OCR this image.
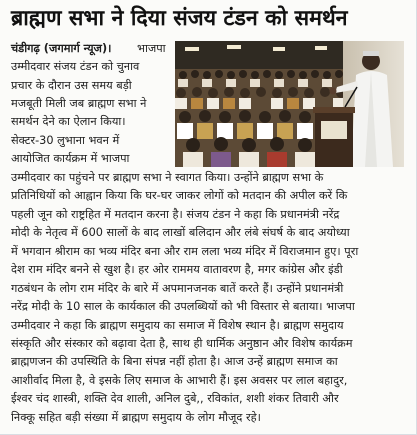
ब्राह्मण सभा ने दिया संजय टंडन को समर्थन
चंडीगढ़ (जगमार्ग न्यूज)। भाजपा
उम्मीदवार संजय टंडन को चुनाव
प्रचार के दौरान उस समय बड़ी
मजबूती मिली जब ब्राह्मण सभा ने
समर्थन देने का ऐलान किया।
सेक्टर-30 लुभाना भवन में
आयोजित कार्यक्रम में भाजपा
उम्मीदवार का पहुंचने पर ब्राह्मण सभा ने स्वागत किया। उन्होंने ब्राह्मण सभा के
प्रतिनिधियों को आह्वान किया कि घर-घर जाकर लोगों को मतदान की अपील करें कि
पहली जून को राष्ट्रहित में मतदान करना है। संजय टंडन ने कहा कि प्रधानमंत्री नरेंद्र
मोदी के नेतृत्व में 600 सालों के बाद लाखों बलिदान और लंबे संघर्ष के बाद अयोध्या
में भगवान श्रीराम का भव्य मंदिर बना और राम लला भव्य मंदिर में विराजमान हुए। पूरा
देश राम मंदिर बनने से खुश है। हर ओर राममय वातावरण है, मगर कांग्रेस और इंडी
गठबंधन के लोग राम मंदिर के बारे में अपमानजनक बातें करते हैं। उन्होंने प्रधानमंत्री
नरेंद्र मोदी के 10 साल के कार्यकाल की उपलब्धियों को भी विस्तार से बताया। भाजपा
उम्मीदवार ने कहा कि ब्राह्मण समुदाय का समाज में विशेष स्थान है। ब्राह्मण समुदाय
संस्कृति और संस्कार को बढ़ावा देता है, साथ ही धार्मिक अनुष्ठान और विशेष कार्यक्रम
ब्राह्मणजन की उपस्थिति के बिना संपन्न नहीं होता है। आज उन्हें ब्राह्मण समाज का
आशीर्वाद मिला है, वे इसके लिए समाज के आभारी हैं। इस अवसर पर लाल बहादुर,
ईश्वर चंद शास्त्री, शक्ति देव शाली, अनिल दुबे,, रविकांत, शशी शंकर तिवारी और
निक्कू सहित बड़ी संख्या में ब्राह्मण समुदाय के लोग मौजूद रहे।
